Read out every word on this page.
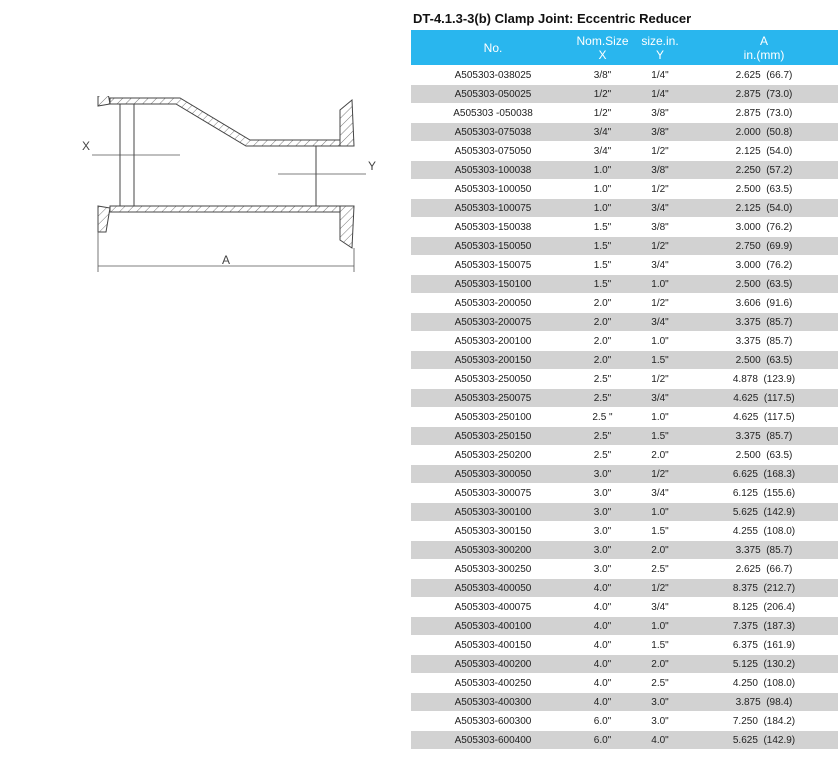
X
Y
A
DT-4.1.3-3(b) Clamp Joint: Eccentric Reducer
No.	Nom.Size	size.in.	A
	X	Y	in.(mm)
A505303-038025	3/8"	1/4"	2.625  (66.7)
A505303-050025	1/2"	1/4"	2.875  (73.0)
A505303 -050038	1/2"	3/8"	2.875  (73.0)
A505303-075038	3/4"	3/8"	2.000  (50.8)
A505303-075050	3/4"	1/2"	2.125  (54.0)
A505303-100038	1.0"	3/8"	2.250  (57.2)
A505303-100050	1.0"	1/2"	2.500  (63.5)
A505303-100075	1.0"	3/4"	2.125  (54.0)
A505303-150038	1.5"	3/8"	3.000  (76.2)
A505303-150050	1.5"	1/2"	2.750  (69.9)
A505303-150075	1.5"	3/4"	3.000  (76.2)
A505303-150100	1.5"	1.0"	2.500  (63.5)
A505303-200050	2.0"	1/2"	3.606  (91.6)
A505303-200075	2.0"	3/4"	3.375  (85.7)
A505303-200100	2.0"	1.0"	3.375  (85.7)
A505303-200150	2.0"	1.5"	2.500  (63.5)
A505303-250050	2.5"	1/2"	4.878  (123.9)
A505303-250075	2.5"	3/4"	4.625  (117.5)
A505303-250100	2.5 "	1.0"	4.625  (117.5)
A505303-250150	2.5"	1.5"	3.375  (85.7)
A505303-250200	2.5"	2.0"	2.500  (63.5)
A505303-300050	3.0"	1/2"	6.625  (168.3)
A505303-300075	3.0"	3/4"	6.125  (155.6)
A505303-300100	3.0"	1.0"	5.625  (142.9)
A505303-300150	3.0"	1.5"	4.255  (108.0)
A505303-300200	3.0"	2.0"	3.375  (85.7)
A505303-300250	3.0"	2.5"	2.625  (66.7)
A505303-400050	4.0"	1/2"	8.375  (212.7)
A505303-400075	4.0"	3/4"	8.125  (206.4)
A505303-400100	4.0"	1.0"	7.375  (187.3)
A505303-400150	4.0"	1.5"	6.375  (161.9)
A505303-400200	4.0"	2.0"	5.125  (130.2)
A505303-400250	4.0"	2.5"	4.250  (108.0)
A505303-400300	4.0"	3.0"	3.875  (98.4)
A505303-600300	6.0"	3.0"	7.250  (184.2)
A505303-600400	6.0"	4.0"	5.625  (142.9)
